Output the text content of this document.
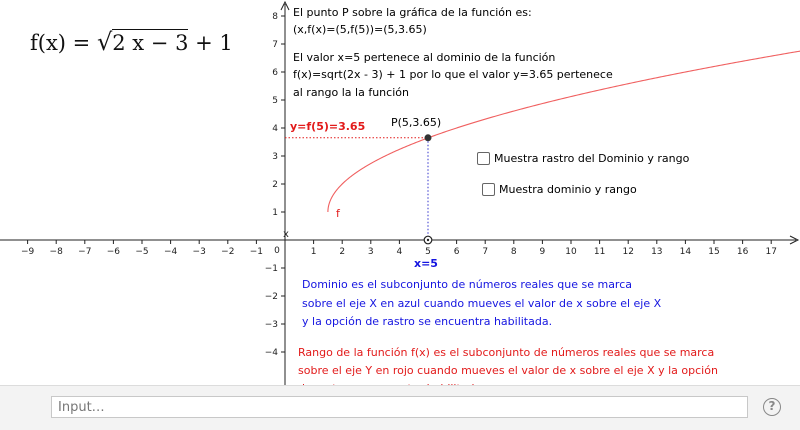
x
0
−9 −8 −7 −6 −5 −4 −3 −2 −1	1	2	3	4	5	6	7	8	9 10 11 12 13 14 15 16 17
−4
−3
−2
−1
1
2
3
4
5
6
7
8
f(x) = √2 x − 3 + 1
El punto P sobre la gráfica de la función es:
(x,f(x)=(5,f(5))=(5,3.65)
El valor x=5 pertenece al dominio de la función
f(x)=sqrt(2x - 3) + 1 por lo que el valor y=3.65 pertenece
al rango la la función
P(5,3.65)
y=f(5)=3.65
x=5
f
Muestra rastro del Dominio y rango
Muestra dominio y rango
Dominio es el subconjunto de números reales que se marca
sobre el eje X en azul cuando mueves el valor de x sobre el eje X
y la opción de rastro se encuentra habilitada.
Rango de la función f(x) es el subconjunto de números reales que se marca
sobre el eje Y en rojo cuando mueves el valor de x sobre el eje X y la opción
Input…
?
